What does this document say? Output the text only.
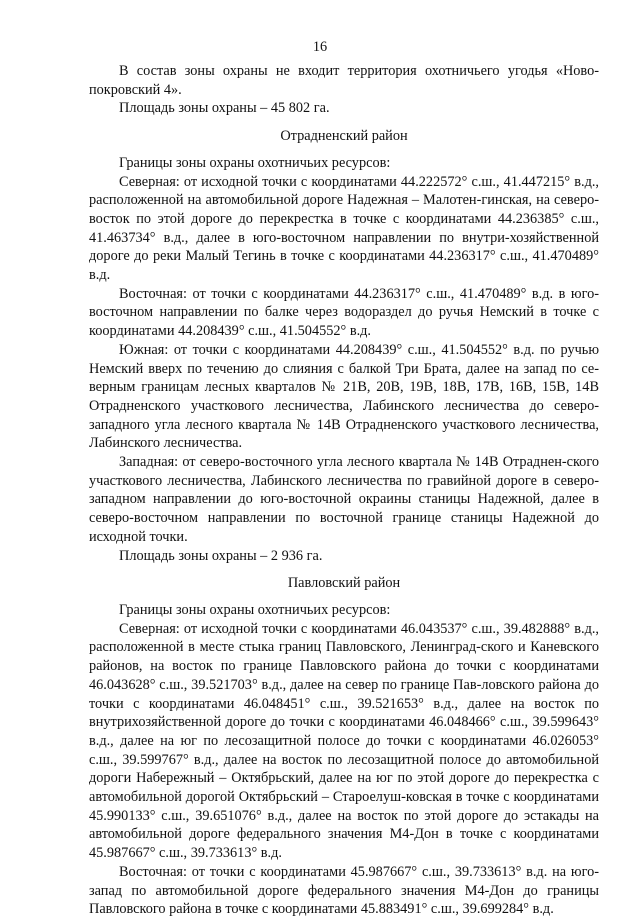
16

В состав зоны охраны не входит территория охотничьего угодья «Ново-покровский 4».

Площадь зоны охраны – 45 802 га.

Отрадненский район

Границы зоны охраны охотничьих ресурсов:

Северная: от исходной точки с координатами 44.222572° с.ш., 41.447215° в.д., расположенной на автомобильной дороге Надежная – Малотен-гинская, на северо-восток по этой дороге до перекрестка в точке с координатами 44.236385° с.ш., 41.463734° в.д., далее в юго-восточном направлении по внутри-хозяйственной дороге до реки Малый Тегинь в точке с координатами 44.236317° с.ш., 41.470489° в.д.

Восточная: от точки с координатами 44.236317° с.ш., 41.470489° в.д. в юго-восточном направлении по балке через водораздел до ручья Немский в точке с координатами 44.208439° с.ш., 41.504552° в.д.

Южная: от точки с координатами 44.208439° с.ш., 41.504552° в.д. по ручью Немский вверх по течению до слияния с балкой Три Брата, далее на запад по се-верным границам лесных кварталов № 21В, 20В, 19В, 18В, 17В, 16В, 15В, 14В Отрадненского участкового лесничества, Лабинского лесничества до северо-западного угла лесного квартала № 14В Отрадненского участкового лесничества, Лабинского лесничества.

Западная: от северо-восточного угла лесного квартала № 14В Отраднен-ского участкового лесничества, Лабинского лесничества по гравийной дороге в северо-западном направлении до юго-восточной окраины станицы Надежной, далее в северо-восточном направлении по восточной границе станицы Надежной до исходной точки.

Площадь зоны охраны – 2 936 га.

Павловский район

Границы зоны охраны охотничьих ресурсов:

Северная: от исходной точки с координатами 46.043537° с.ш., 39.482888° в.д., расположенной в месте стыка границ Павловского, Ленинград-ского и Каневского районов, на восток по границе Павловского района до точки с координатами 46.043628° с.ш., 39.521703° в.д., далее на север по границе Пав-ловского района до точки с координатами 46.048451° с.ш., 39.521653° в.д., далее на восток по внутрихозяйственной дороге до точки с координатами 46.048466° с.ш., 39.599643° в.д., далее на юг по лесозащитной полосе до точки с координатами 46.026053° с.ш., 39.599767° в.д., далее на восток по лесозащитной полосе до автомобильной дороги Набережный – Октябрьский, далее на юг по этой дороге до перекрестка с автомобильной дорогой Октябрьский – Староелуш-ковская в точке с координатами 45.990133° с.ш., 39.651076° в.д., далее на восток по этой дороге до эстакады на автомобильной дороге федерального значения М4-Дон в точке с координатами 45.987667° с.ш., 39.733613° в.д.

Восточная: от точки с координатами 45.987667° с.ш., 39.733613° в.д. на юго-запад по автомобильной дороге федерального значения М4-Дон до границы Павловского района в точке с координатами 45.883491° с.ш., 39.699284° в.д.
